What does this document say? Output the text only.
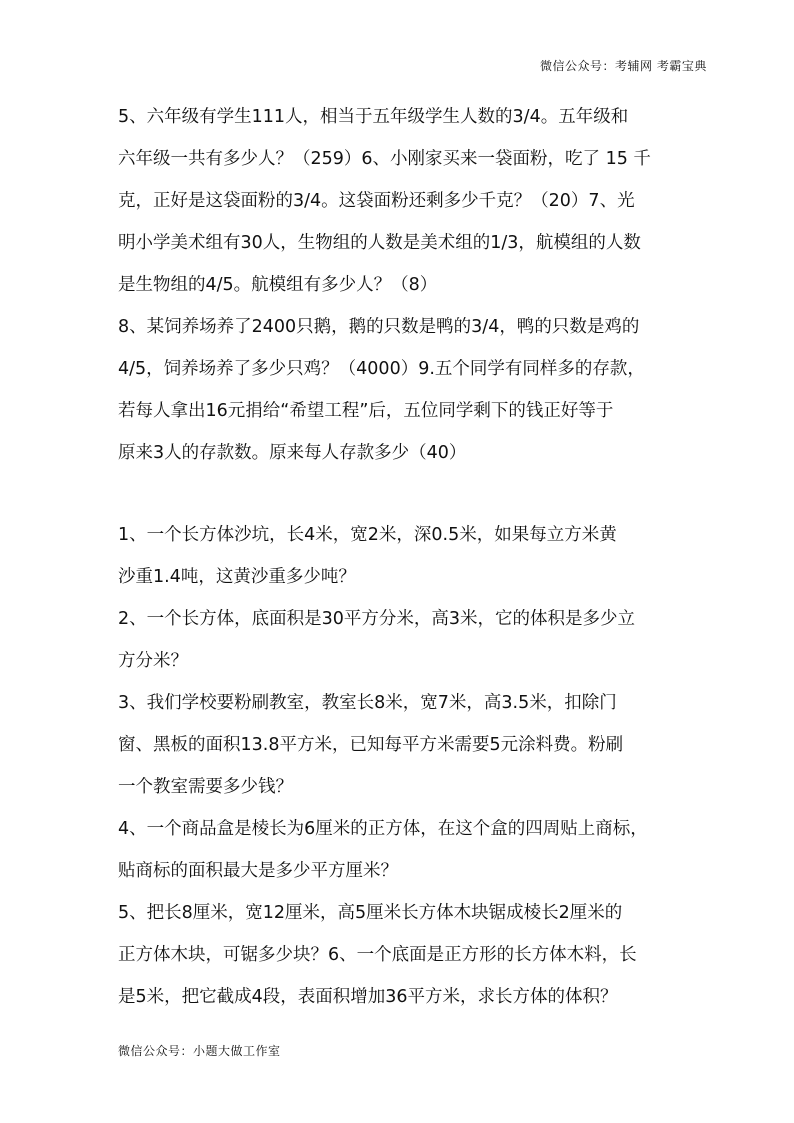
微信公众号：考辅网 考霸宝典
5、六年级有学生111人，相当于五年级学生人数的3/4。五年级和
六年级一共有多少人？（259）6、小刚家买来一袋面粉，吃了 15 千
克，正好是这袋面粉的3/4。这袋面粉还剩多少千克？（20）7、光
明小学美术组有30人，生物组的人数是美术组的1/3，航模组的人数
是生物组的4/5。航模组有多少人？（8）
8、某饲养场养了2400只鹅，鹅的只数是鸭的3/4，鸭的只数是鸡的
4/5，饲养场养了多少只鸡？（4000）9.五个同学有同样多的存款，
若每人拿出16元捐给“希望工程”后，五位同学剩下的钱正好等于
原来3人的存款数。原来每人存款多少（40）
1、一个长方体沙坑，长4米，宽2米，深0.5米，如果每立方米黄
沙重1.4吨，这黄沙重多少吨？
2、一个长方体，底面积是30平方分米，高3米，它的体积是多少立
方分米？
3、我们学校要粉刷教室，教室长8米，宽7米，高3.5米，扣除门
窗、黑板的面积13.8平方米，已知每平方米需要5元涂料费。粉刷
一个教室需要多少钱？
4、一个商品盒是棱长为6厘米的正方体，在这个盒的四周贴上商标，
贴商标的面积最大是多少平方厘米？
5、把长8厘米，宽12厘米，高5厘米长方体木块锯成棱长2厘米的
正方体木块，可锯多少块？6、一个底面是正方形的长方体木料，长
是5米，把它截成4段，表面积增加36平方米，求长方体的体积？
微信公众号：小题大做工作室
